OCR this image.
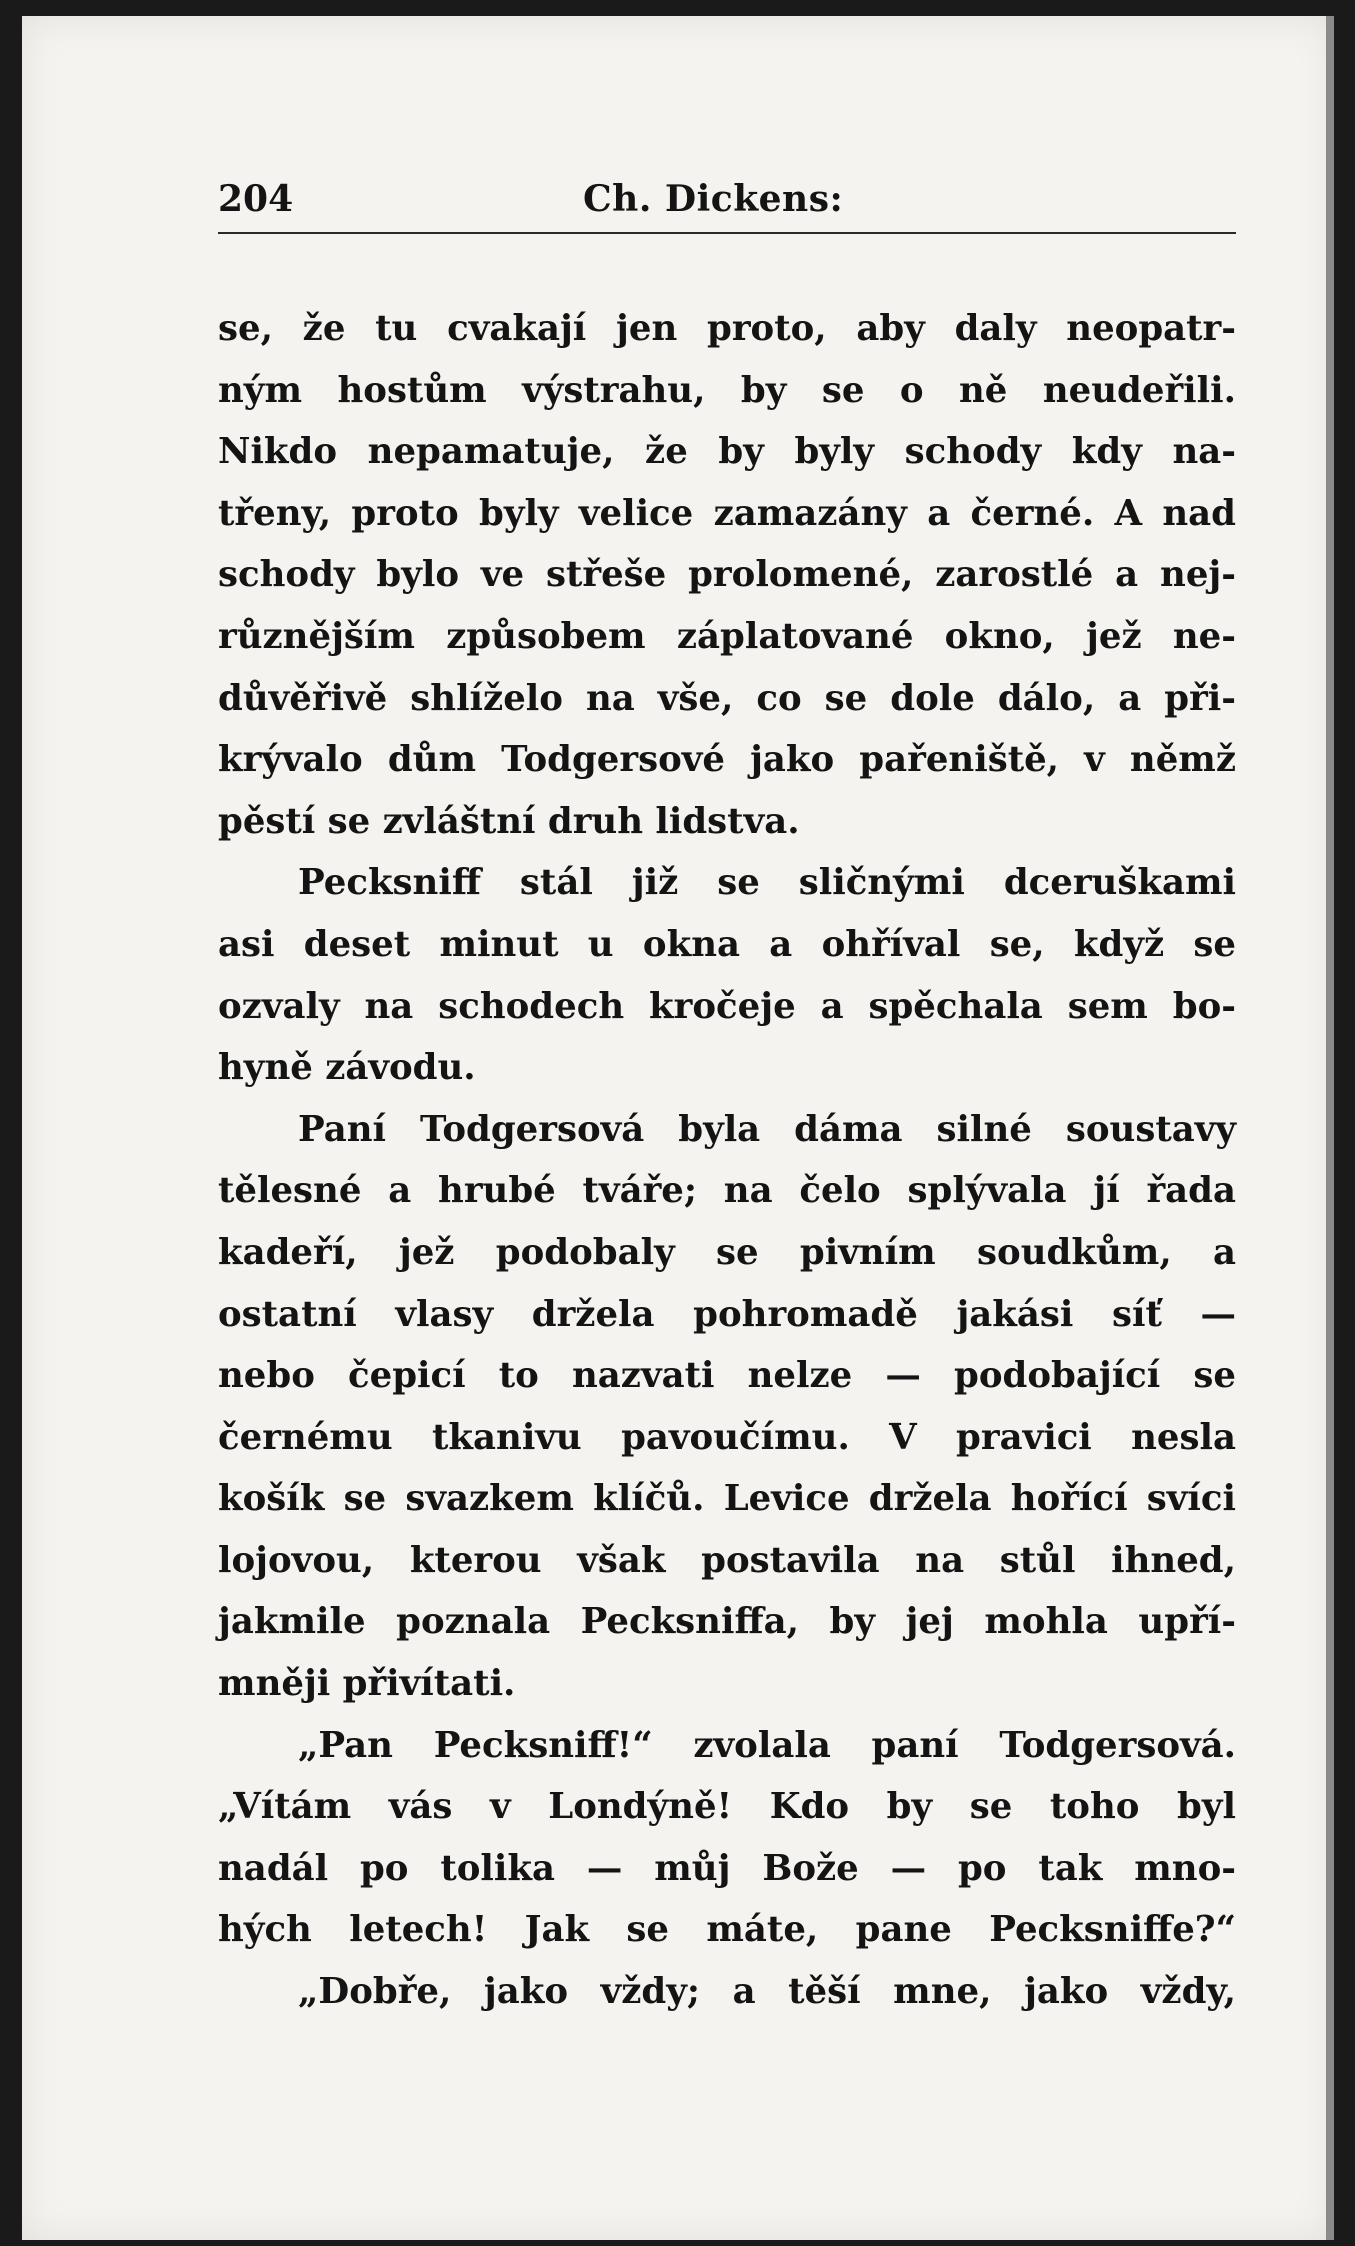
204	Ch. Dickens:
se, že tu cvakají jen proto, aby daly neopatr-
ným hostům výstrahu, by se o ně neudeřili.
Nikdo nepamatuje, že by byly schody kdy na-
třeny, proto byly velice zamazány a černé. A nad
schody bylo ve střeše prolomené, zarostlé a nej-
různějším způsobem záplatované okno, jež ne-
důvěřivě shlíželo na vše, co se dole dálo, a při-
krývalo dům Todgersové jako pařeniště, v němž
pěstí se zvláštní druh lidstva.
Pecksniff stál již se sličnými dceruškami
asi deset minut u okna a ohříval se, když se
ozvaly na schodech kročeje a spěchala sem bo-
hyně závodu.
Paní Todgersová byla dáma silné soustavy
tělesné a hrubé tváře; na čelo splývala jí řada
kadeří, jež podobaly se pivním soudkům, a
ostatní vlasy držela pohromadě jakási síť —
nebo čepicí to nazvati nelze — podobající se
černému tkanivu pavoučímu. V pravici nesla
košík se svazkem klíčů. Levice držela hořící svíci
lojovou, kterou však postavila na stůl ihned,
jakmile poznala Pecksniffa, by jej mohla upří-
mněji přivítati.
„Pan Pecksniff!“ zvolala paní Todgersová.
„Vítám vás v Londýně! Kdo by se toho byl
nadál po tolika — můj Bože — po tak mno-
hých letech! Jak se máte, pane Pecksniffe?“
„Dobře, jako vždy; a těší mne, jako vždy,
